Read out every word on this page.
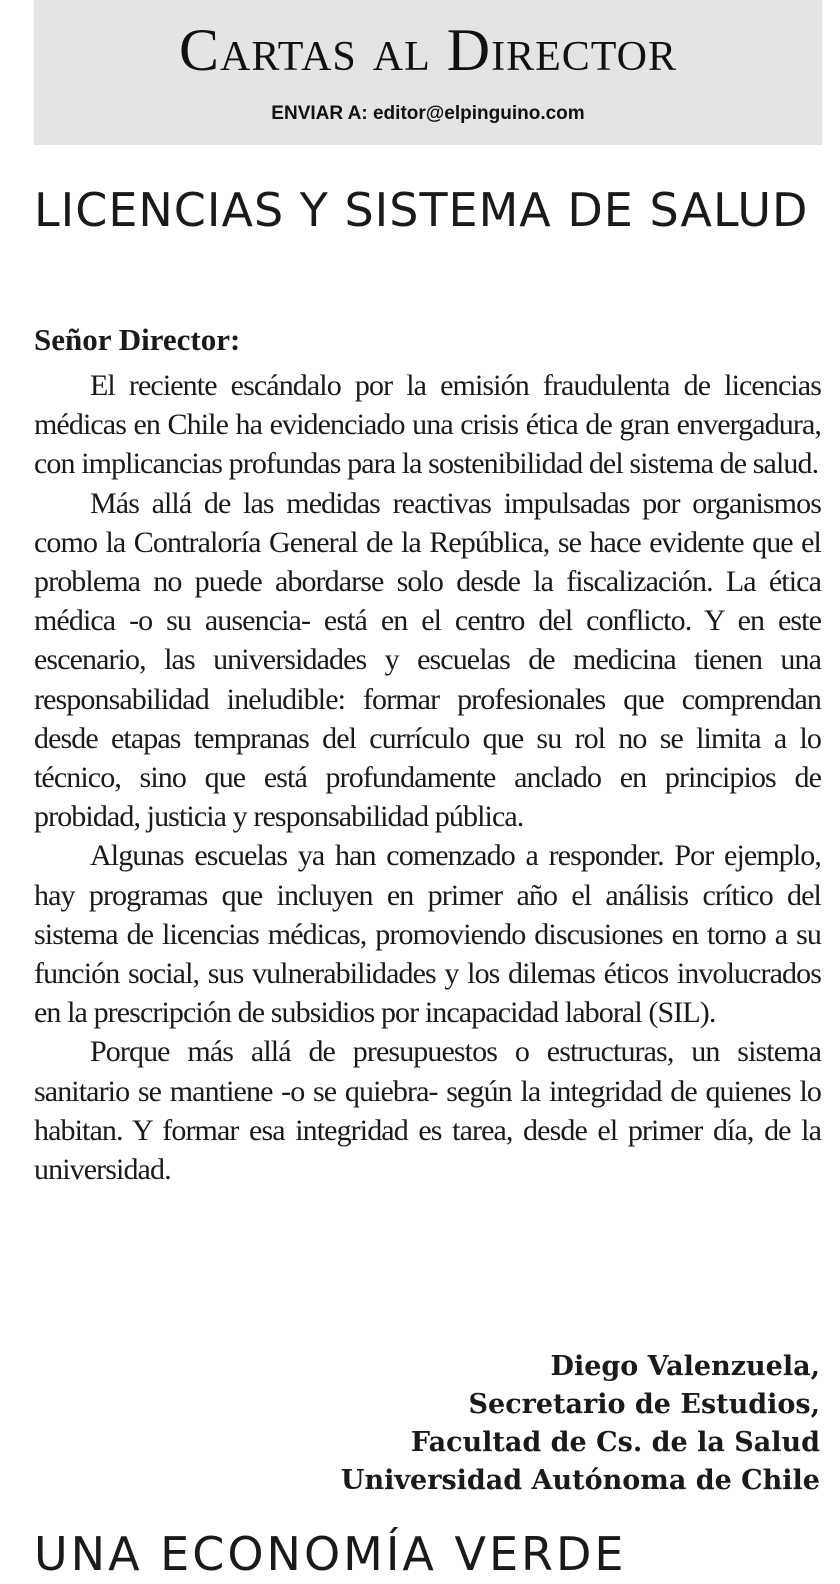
Cartas al Director
ENVIAR A: editor@elpinguino.com
LICENCIAS Y SISTEMA DE SALUD
Señor Director:

El reciente escándalo por la emisión fraudulenta de licencias médicas en Chile ha evidenciado una crisis ética de gran envergadura, con implicancias profundas para la sostenibilidad del sistema de salud.

Más allá de las medidas reactivas impulsadas por organismos como la Contraloría General de la República, se hace evidente que el problema no puede abordarse solo desde la fiscalización. La ética médica -o su ausencia- está en el centro del conflicto. Y en este escenario, las universidades y escuelas de medicina tienen una responsabilidad ineludible: formar profesionales que comprendan desde etapas tempranas del currículo que su rol no se limita a lo técnico, sino que está profundamente anclado en principios de probidad, justicia y responsabilidad pública.

Algunas escuelas ya han comenzado a responder. Por ejemplo, hay programas que incluyen en primer año el análisis crítico del sistema de licencias médicas, promoviendo discusiones en torno a su función social, sus vulnerabilidades y los dilemas éticos involucrados en la prescripción de subsidios por incapacidad laboral (SIL).

Porque más allá de presupuestos o estructuras, un sistema sanitario se mantiene -o se quiebra- según la integridad de quienes lo habitan. Y formar esa integridad es tarea, desde el primer día, de la universidad.

Diego Valenzuela,
Secretario de Estudios,
Facultad de Cs. de la Salud
Universidad Autónoma de Chile
UNA ECONOMÍA VERDE
